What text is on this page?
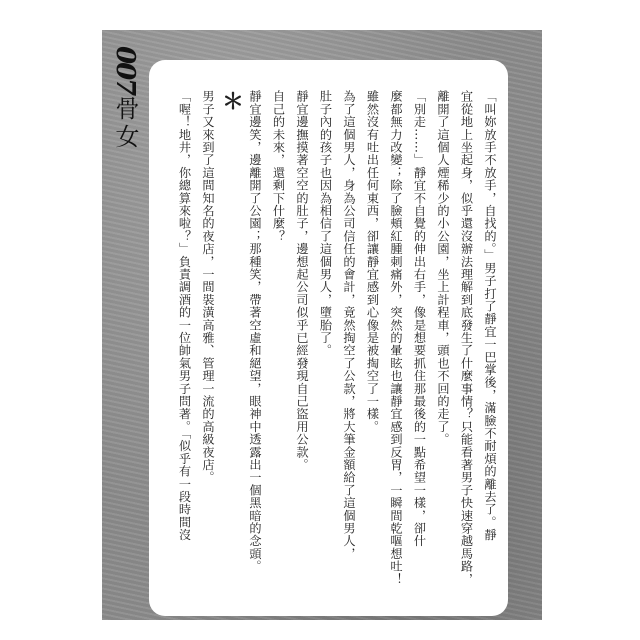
007
骨女	「叫妳放手不放手，自找的。」男子打了靜宜一巴掌後，滿臉不耐煩的離去了。靜
宜從地上坐起身，似乎還沒辦法理解到底發生了什麼事情？只能看著男子快速穿越馬路，
離開了這個人煙稀少的小公園，坐上計程車，頭也不回的走了。
「別走……」靜宜不自覺的伸出右手，像是想要抓住那最後的一點希望一樣，卻什
麼都無力改變；除了臉頰紅腫刺痛外，突然的暈眩也讓靜宜感到反胃，一瞬間乾嘔想吐！
雖然沒有吐出任何東西，卻讓靜宜感到心像是被掏空了一樣。
為了這個男人，身為公司信任的會計，竟然掏空了公款，將大筆金額給了這個男人，
肚子內的孩子也因為相信了這個男人，墮胎了。
靜宜邊撫摸著空空的肚子，邊想起公司似乎已經發現自己盜用公款。
自己的未來，還剩下什麼？
靜宜邊笑，邊離開了公園；那種笑，帶著空虛和絕望，眼神中透露出一個黑暗的念頭。
＊
男子又來到了這間知名的夜店，一間裝潢高雅、管理一流的高級夜店。
「喔！地井，你總算來啦？」負責調酒的一位帥氣男子問著。「似乎有一段時間沒
